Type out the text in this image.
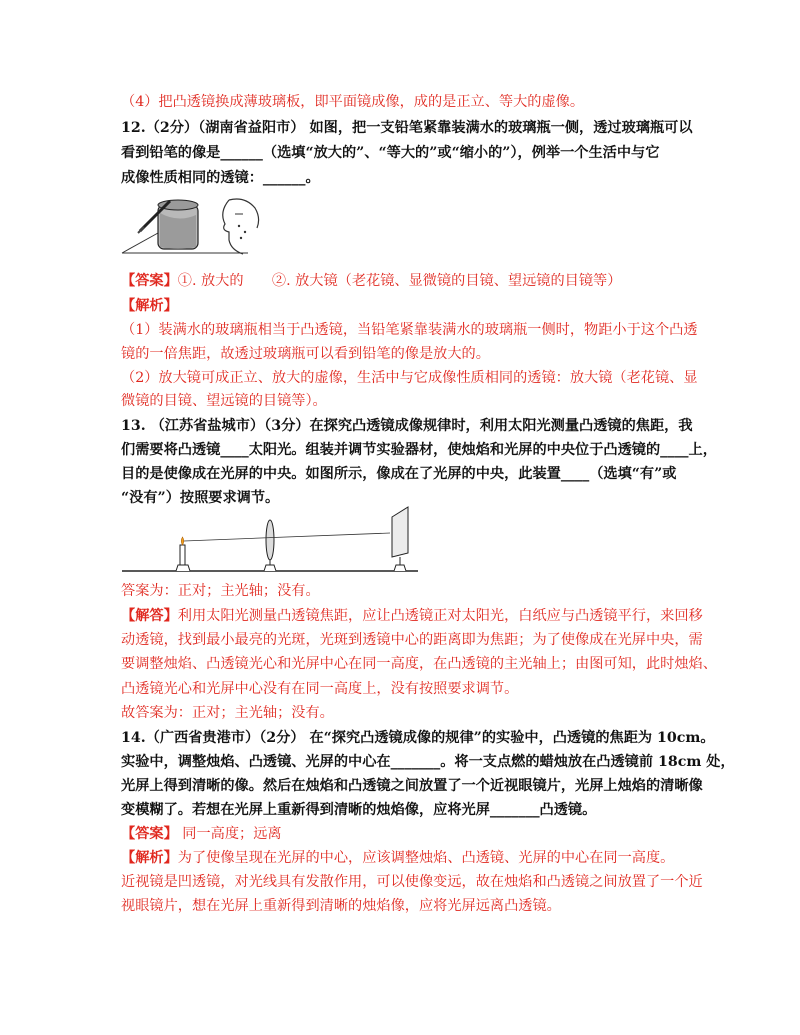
（4）把凸透镜换成薄玻璃板，即平面镜成像，成的是正立、等大的虚像。
12.（2分）（湖南省益阳市） 如图，把一支铅笔紧靠装满水的玻璃瓶一侧，透过玻璃瓶可以
看到铅笔的像是______（选填“放大的”、“等大的”或“缩小的”），例举一个生活中与它
成像性质相同的透镜：______。
【答案】①. 放大的　　②. 放大镜（老花镜、显微镜的目镜、望远镜的目镜等）
【解析】
（1）装满水的玻璃瓶相当于凸透镜，当铅笔紧靠装满水的玻璃瓶一侧时，物距小于这个凸透
镜的一倍焦距，故透过玻璃瓶可以看到铅笔的像是放大的。
（2）放大镜可成正立、放大的虚像，生活中与它成像性质相同的透镜：放大镜（老花镜、显
微镜的目镜、望远镜的目镜等）。
13. （江苏省盐城市）（3分）在探究凸透镜成像规律时，利用太阳光测量凸透镜的焦距，我
们需要将凸透镜____太阳光。组装并调节实验器材，使烛焰和光屏的中央位于凸透镜的____上，
目的是使像成在光屏的中央。如图所示，像成在了光屏的中央，此装置____（选填“有”或
“没有”）按照要求调节。
答案为：正对；主光轴；没有。
【解答】利用太阳光测量凸透镜焦距，应让凸透镜正对太阳光，白纸应与凸透镜平行，来回移
动透镜，找到最小最亮的光斑，光斑到透镜中心的距离即为焦距；为了使像成在光屏中央，需
要调整烛焰、凸透镜光心和光屏中心在同一高度，在凸透镜的主光轴上；由图可知，此时烛焰、
凸透镜光心和光屏中心没有在同一高度上，没有按照要求调节。
故答案为：正对；主光轴；没有。
14.（广西省贵港市）（2分） 在“探究凸透镜成像的规律”的实验中，凸透镜的焦距为 10cm。
实验中，调整烛焰、凸透镜、光屏的中心在_______。将一支点燃的蜡烛放在凸透镜前 18cm 处，
光屏上得到清晰的像。然后在烛焰和凸透镜之间放置了一个近视眼镜片，光屏上烛焰的清晰像
变模糊了。若想在光屏上重新得到清晰的烛焰像，应将光屏_______凸透镜。
【答案】 同一高度；远离
【解析】为了使像呈现在光屏的中心，应该调整烛焰、凸透镜、光屏的中心在同一高度。
近视镜是凹透镜，对光线具有发散作用，可以使像变远，故在烛焰和凸透镜之间放置了一个近
视眼镜片，想在光屏上重新得到清晰的烛焰像，应将光屏远离凸透镜。
